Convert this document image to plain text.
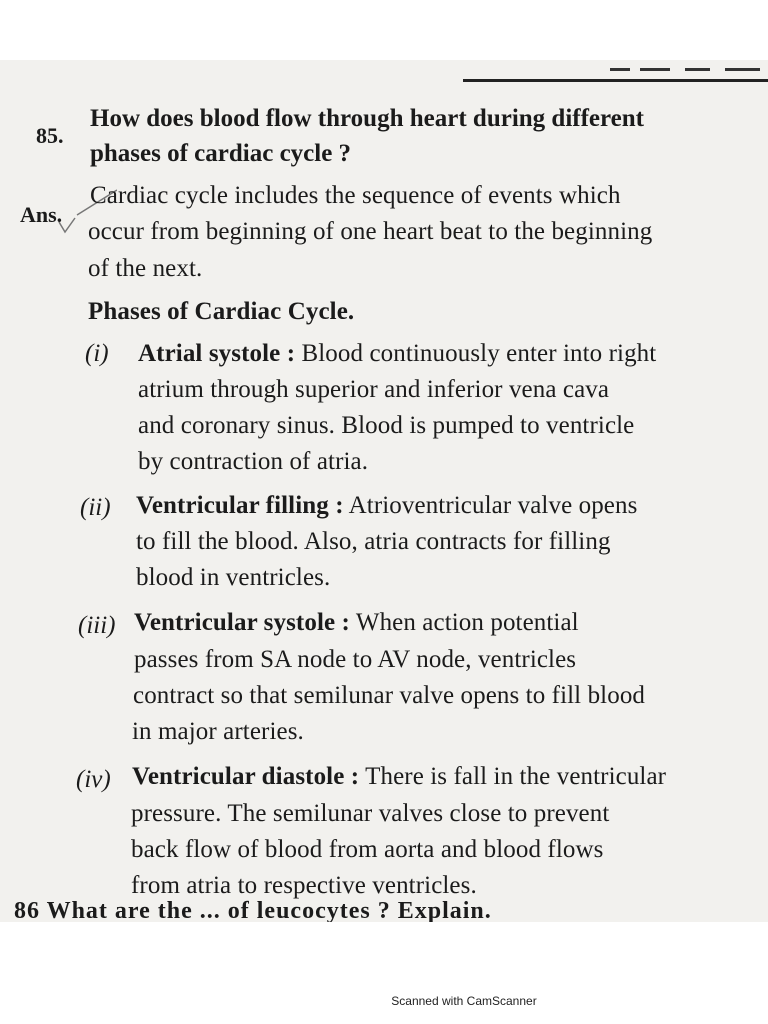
85.
How does blood flow through heart during different
phases of cardiac cycle ?
Ans.
Cardiac cycle includes the sequence of events which
occur from beginning of one heart beat to the beginning
of the next.
Phases of Cardiac Cycle.
(i) Atrial systole : Blood continuously enter into right
atrium through superior and inferior vena cava
and coronary sinus. Blood is pumped to ventricle
by contraction of atria.
(ii) Ventricular filling : Atrioventricular valve opens
to fill the blood. Also, atria contracts for filling
blood in ventricles.
(iii) Ventricular systole : When action potential
passes from SA node to AV node, ventricles
contract so that semilunar valve opens to fill blood
in major arteries.
(iv) Ventricular diastole : There is fall in the ventricular
pressure. The semilunar valves close to prevent
back flow of blood from aorta and blood flows
from atria to respective ventricles.
86 What are the ... of leucocytes ? Explain.
Scanned with CamScanner
